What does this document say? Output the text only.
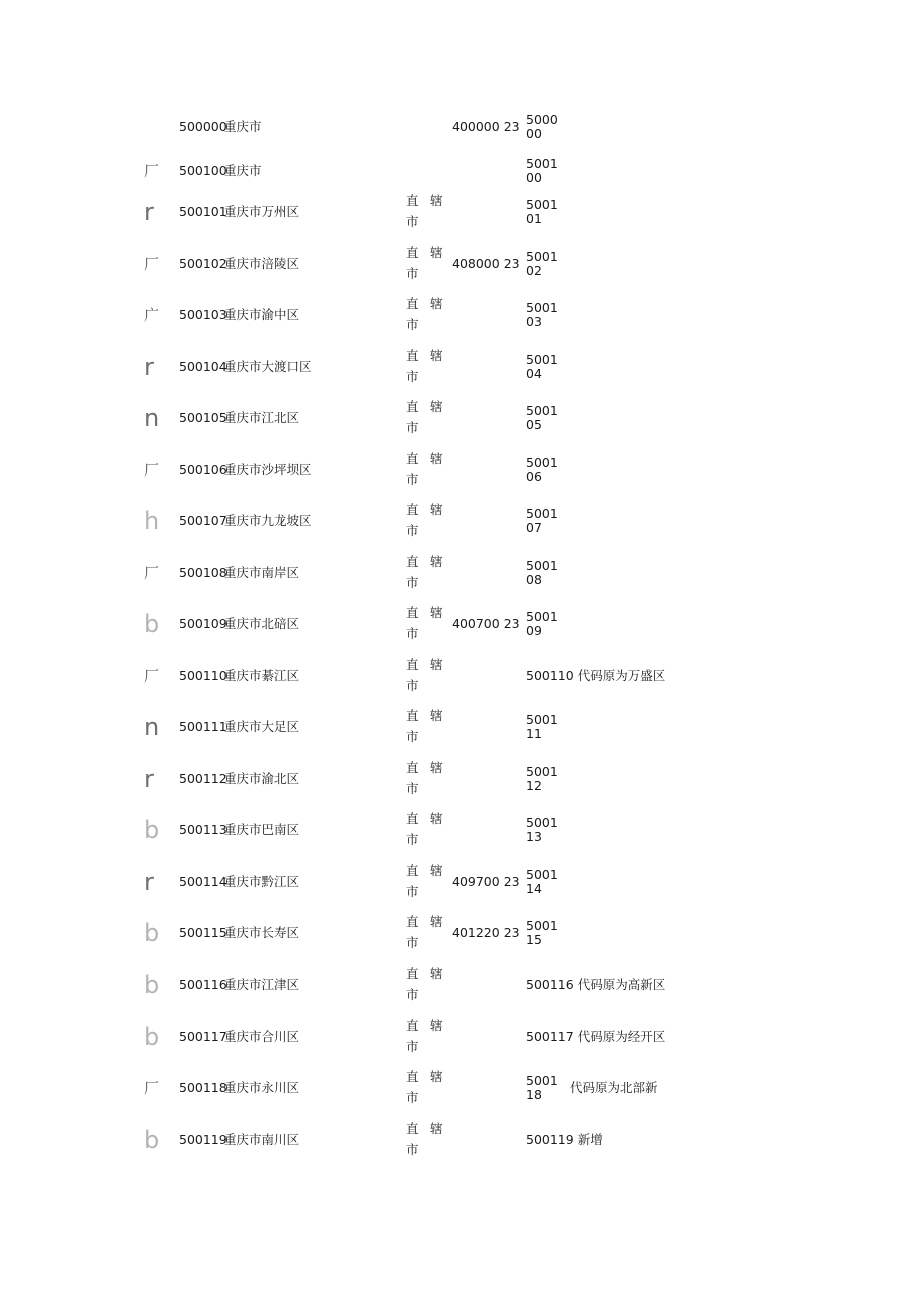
500000
重庆市	400000 23 5000
00
厂 500100
重庆市	5001
00
r 500101
重庆市万州区
直 辖
市
5001
01
厂 500102
重庆市涪陵区
直 辖
市
408000 23 5001
02
广 500103
重庆市渝中区
直 辖
市
5001
03
r 500104
重庆市大渡口区
直 辖
市
5001
04
n 500105
重庆市江北区
直 辖
市
5001
05
厂 500106
重庆市沙坪坝区
直 辖
市
5001
06
h 500107
重庆市九龙坡区
直 辖
市
5001
07
厂 500108
重庆市南岸区
直 辖
市
5001
08
b 500109
重庆市北碚区
直 辖
市
400700 23 5001
09
厂 500110
重庆市綦江区
直 辖
市
500110 代码原为万盛区
n 500111
重庆市大足区
直 辖
市
5001
11
r 500112
重庆市渝北区
直 辖
市
5001
12
b 500113
重庆市巴南区
直 辖
市
5001
13
r 500114
重庆市黔江区
直 辖
市
409700 23 5001
14
b 500115
重庆市长寿区
直 辖
市
401220 23 5001
15
b 500116
重庆市江津区
直 辖
市
500116 代码原为高新区
b 500117
重庆市合川区
直 辖
市
500117 代码原为经开区
厂 500118
重庆市永川区
直 辖
市
5001
18 代码原为北部新
b 500119
重庆市南川区
直 辖
市
500119 新增
